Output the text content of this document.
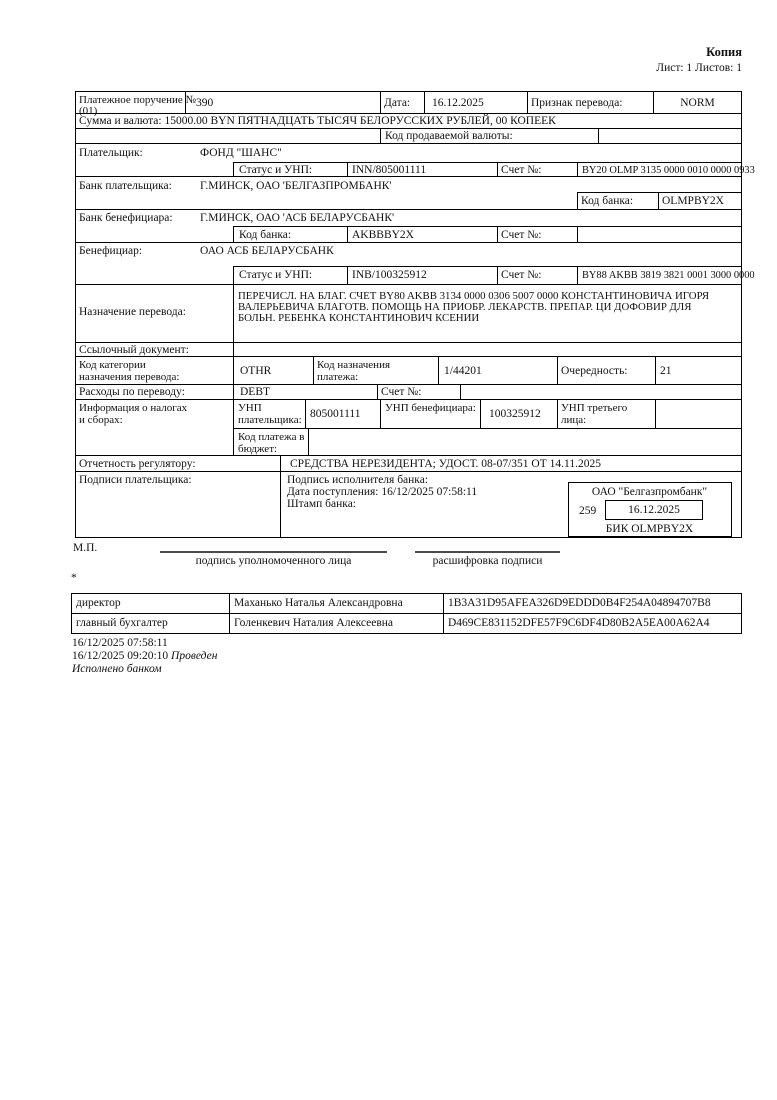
Копия
Лист: 1 Листов: 1
Платежное поручение №
(01)
390	Дата: 16.12.2025	Признак перевода:	NORM
Сумма и валюта: 15000.00 BYN ПЯТНАДЦАТЬ ТЫСЯЧ БЕЛОРУССКИХ РУБЛЕЙ, 00 КОПЕЕК
Код продаваемой валюты:
Плательщик:	ФОНД "ШАНС"
Статус и УНП:	INN/805001111	Счет №:	BY20 OLMP 3135 0000 0010 0000 0933
Банк плательщика: Г.МИНСК, ОАО 'БЕЛГАЗПРОМБАНК'
Код банка:	OLMPBY2X
Банк бенефициара: Г.МИНСК, ОАО 'АСБ БЕЛАРУСБАНК'
Код банка:	AKBBBY2X	Счет №:
Бенефициар:	ОАО АСБ БЕЛАРУСБАНК
Статус и УНП:	INB/100325912	Счет №:	BY88 AKBB 3819 3821 0001 3000 0000
Назначение перевода:
ПЕРЕЧИСЛ. НА БЛАГ. СЧЕТ BY80 AKBB 3134 0000 0306 5007 0000 КОНСТАНТИНОВИЧА ИГОРЯ
ВАЛЕРЬЕВИЧА БЛАГОТВ. ПОМОЩЬ НА ПРИОБР. ЛЕКАРСТВ. ПРЕПАР. ЦИ ДОФОВИР ДЛЯ
БОЛЬН. РЕБЕНКА КОНСТАНТИНОВИЧ КСЕНИИ
Ссылочный документ:
Код категории назначения перевода:	OTHR	Код назначения платежа:	1/44201	Очередность:	21
Расходы по переводу:	DEBT	Счет №:
Информация о налогах и сборах:
УНП плательщика: 805001111 УНП бенефициара: 100325912 УНП третьего лица:
Код платежа в бюджет:
Отчетность регулятору:	СРЕДСТВА НЕРЕЗИДЕНТА; УДОСТ. 08-07/351 ОТ 14.11.2025
Подписи плательщика:	Подпись исполнителя банка:
Дата поступления: 16/12/2025 07:58:11
Штамп банка:
ОАО "Белгазпромбанк"
259	16.12.2025
БИК OLMPBY2X
М.П.
подпись уполномоченного лица	расшифровка подписи
*
директор	Маханько Наталья Александровна	1B3A31D95AFEA326D9EDDD0B4F254A04894707B8
главный бухгалтер	Голенкевич Наталия Алексеевна	D469CE831152DFE57F9C6DF4D80B2A5EA00A62A4
16/12/2025 07:58:11
16/12/2025 09:20:10 Проведен
Исполнено банком
